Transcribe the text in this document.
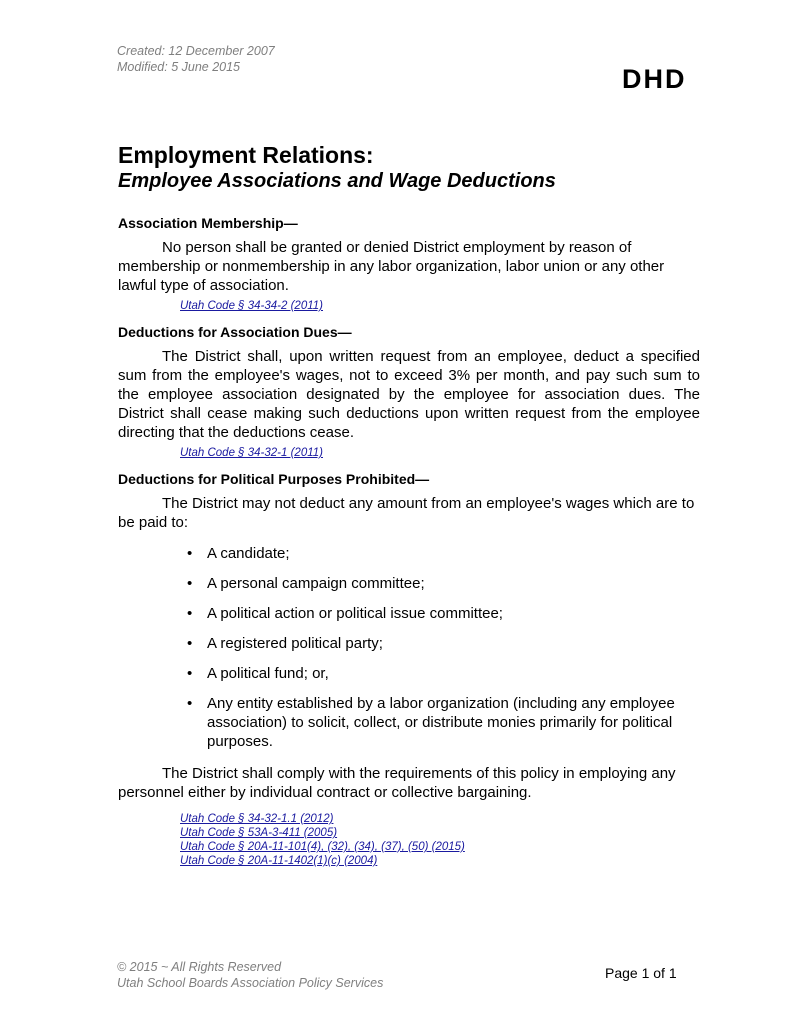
Created: 12 December 2007
Modified: 5 June 2015	DHD
Employment Relations:
Employee Associations and Wage Deductions
Association Membership—

No person shall be granted or denied District employment by reason of membership or nonmembership in any labor organization, labor union or any other lawful type of association.

Utah Code § 34-34-2 (2011)
Deductions for Association Dues—

The District shall, upon written request from an employee, deduct a specified sum from the employee's wages, not to exceed 3% per month, and pay such sum to the employee association designated by the employee for association dues. The District shall cease making such deductions upon written request from the employee directing that the deductions cease.

Utah Code § 34-32-1 (2011)
Deductions for Political Purposes Prohibited—

The District may not deduct any amount from an employee's wages which are to be paid to:

• A candidate;
• A personal campaign committee;
• A political action or political issue committee;
• A registered political party;
• A political fund; or,
• Any entity established by a labor organization (including any employee association) to solicit, collect, or distribute monies primarily for political purposes.

The District shall comply with the requirements of this policy in employing any personnel either by individual contract or collective bargaining.

Utah Code § 34-32-1.1 (2012)
Utah Code § 53A-3-411 (2005)
Utah Code § 20A-11-101(4), (32), (34), (37), (50) (2015)
Utah Code § 20A-11-1402(1)(c) (2004)
© 2015 ~ All Rights Reserved
Utah School Boards Association Policy Services
Page 1 of 1
